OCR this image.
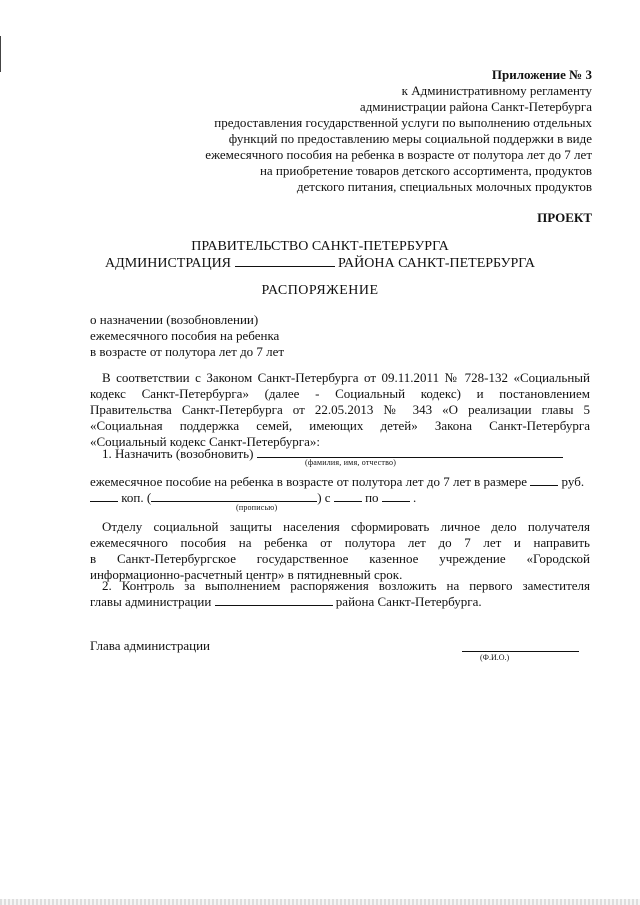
Приложение № 3
к Административному регламенту
администрации района Санкт-Петербурга
предоставления государственной услуги по выполнению отдельных
функций по предоставлению меры социальной поддержки в виде
ежемесячного пособия на ребенка в возрасте от полутора лет до 7 лет
на приобретение товаров детского ассортимента, продуктов
детского питания, специальных молочных продуктов
ПРОЕКТ
ПРАВИТЕЛЬСТВО САНКТ-ПЕТЕРБУРГА
АДМИНИСТРАЦИЯ	РАЙОНА САНКТ-ПЕТЕРБУРГА
РАСПОРЯЖЕНИЕ
о назначении (возобновлении)
ежемесячного пособия на ребенка
в возрасте от полутора лет до 7 лет
В соответствии с Законом Санкт-Петербурга от 09.11.2011 № 728-132 «Социальный
кодекс Санкт-Петербурга» (далее - Социальный кодекс) и постановлением
Правительства Санкт-Петербурга от 22.05.2013 № 343 «О реализации главы 5
«Социальная поддержка семей, имеющих детей» Закона Санкт-Петербурга
«Социальный кодекс Санкт-Петербурга»:
1. Назначить (возобновить)
(фамилия, имя, отчество)
ежемесячное пособие на ребенка в возрасте от полутора лет до 7 лет в размере	руб.
коп. (	) с	по	.
(прописью)
Отделу социальной защиты населения сформировать личное дело получателя
ежемесячного пособия на ребенка от полутора лет до 7 лет и направить
в Санкт-Петербургское государственное казенное учреждение «Городской
информационно-расчетный центр» в пятидневный срок.
2. Контроль за выполнением распоряжения возложить на первого заместителя
главы администрации	района Санкт-Петербурга.
Глава администрации
(Ф.И.О.)
